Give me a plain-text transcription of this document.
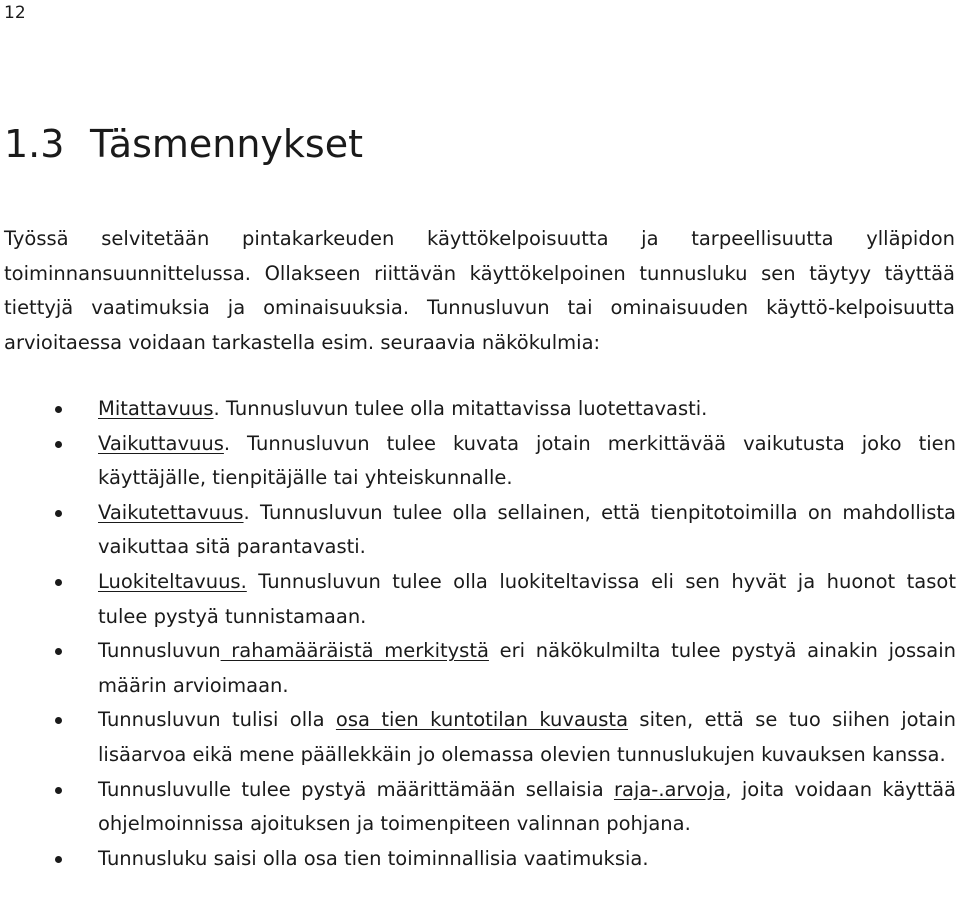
12
1.3 Täsmennykset

Työssä selvitetään pintakarkeuden käyttökelpoisuutta ja tarpeellisuutta ylläpidon toiminnansuunnittelussa. Ollakseen riittävän käyttökelpoinen tunnusluku sen täytyy täyttää tiettyjä vaatimuksia ja ominaisuuksia. Tunnusluvun tai ominaisuuden käyttö-kelpoisuutta arvioitaessa voidaan tarkastella esim. seuraavia näkökulmia:

Mitattavuus. Tunnusluvun tulee olla mitattavissa luotettavasti.
Vaikuttavuus. Tunnusluvun tulee kuvata jotain merkittävää vaikutusta joko tien käyttäjälle, tienpitäjälle tai yhteiskunnalle.
Vaikutettavuus. Tunnusluvun tulee olla sellainen, että tienpitotoimilla on mahdollista vaikuttaa sitä parantavasti.
Luokiteltavuus. Tunnusluvun tulee olla luokiteltavissa eli sen hyvät ja huonot tasot tulee pystyä tunnistamaan.
Tunnusluvun rahamääräistä merkitystä eri näkökulmilta tulee pystyä ainakin jossain määrin arvioimaan.
Tunnusluvun tulisi olla osa tien kuntotilan kuvausta siten, että se tuo siihen jotain lisäarvoa eikä mene päällekkäin jo olemassa olevien tunnuslukujen kuvauksen kanssa.
Tunnusluvulle tulee pystyä määrittämään sellaisia raja-.arvoja, joita voidaan käyttää ohjelmoinnissa ajoituksen ja toimenpiteen valinnan pohjana.
Tunnusluku saisi olla osa tien toiminnallisia vaatimuksia.
